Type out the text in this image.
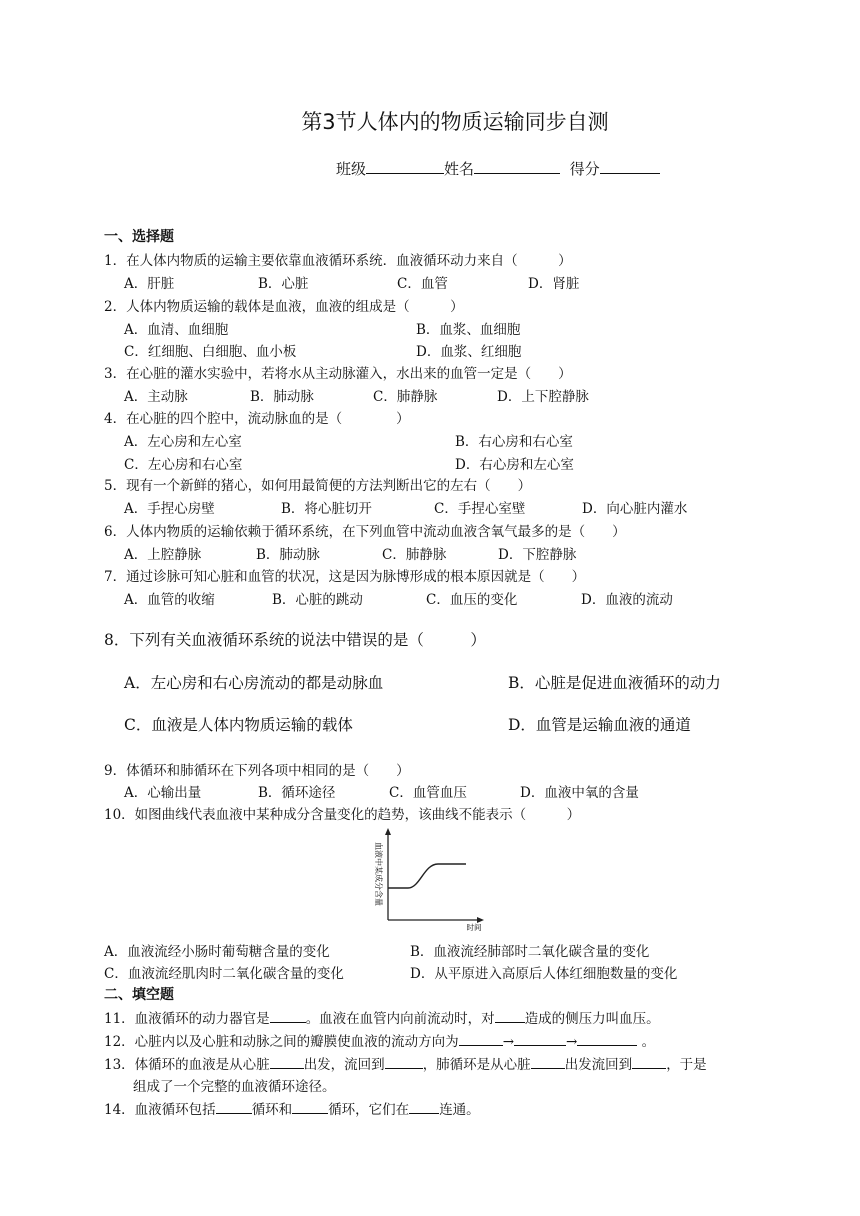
第3节人体内的物质运输同步自测
班级	姓名	得分
一、选择题
1．在人体内物质的运输主要依靠血液循环系统．血液循环动力来自（　　　）
A．肝脏	B．心脏	C．血管	D．肾脏
2．人体内物质运输的载体是血液，血液的组成是（　　　）
A．血清、血细胞	B．血浆、血细胞
C．红细胞、白细胞、血小板	D．血浆、红细胞
3．在心脏的灌水实验中，若将水从主动脉灌入，水出来的血管一定是（　　）
A．主动脉	B．肺动脉	C．肺静脉	D．上下腔静脉
4．在心脏的四个腔中，流动脉血的是（　　　　）
A．左心房和左心室	B．右心房和右心室
C．左心房和右心室	D．右心房和左心室
5．现有一个新鲜的猪心，如何用最简便的方法判断出它的左右（　　）
A．手捏心房壁	B．将心脏切开	C．手捏心室壁	D．向心脏内灌水
6．人体内物质的运输依赖于循环系统，在下列血管中流动血液含氧气最多的是（　　）
A．上腔静脉	B．肺动脉	C．肺静脉	D．下腔静脉
7．通过诊脉可知心脏和血管的状况，这是因为脉博形成的根本原因就是（　　）
A．血管的收缩	B．心脏的跳动	C．血压的变化	D．血液的流动
8．下列有关血液循环系统的说法中错误的是（　　　）
A．左心房和右心房流动的都是动脉血	B．心脏是促进血液循环的动力
C．血液是人体内物质运输的载体	D．血管是运输血液的通道
9．体循环和肺循环在下列各项中相同的是（　　）
A．心输出量	B．循环途径	C．血管血压	D．血液中氧的含量
10．如图曲线代表血液中某种成分含量变化的趋势，该曲线不能表示（　　　）
血液中某成分含量
时间
A．血液流经小肠时葡萄糖含量的变化	B．血液流经肺部时二氧化碳含量的变化
C．血液流经肌肉时二氧化碳含量的变化	D．从平原进入高原后人体红细胞数量的变化
二、填空题
11．血液循环的动力器官是	。血液在血管内向前流动时，对 造成的侧压力叫血压。
12．心脏内以及心脏和动脉之间的瓣膜使血液的流动方向为	→	→	。
13．体循环的血液是从心脏	出发，流回到	，肺循环是从心脏	出发流回到	，于是
组成了一个完整的血液循环途径。
14．血液循环包括	循环和	循环，它们在 连通。
